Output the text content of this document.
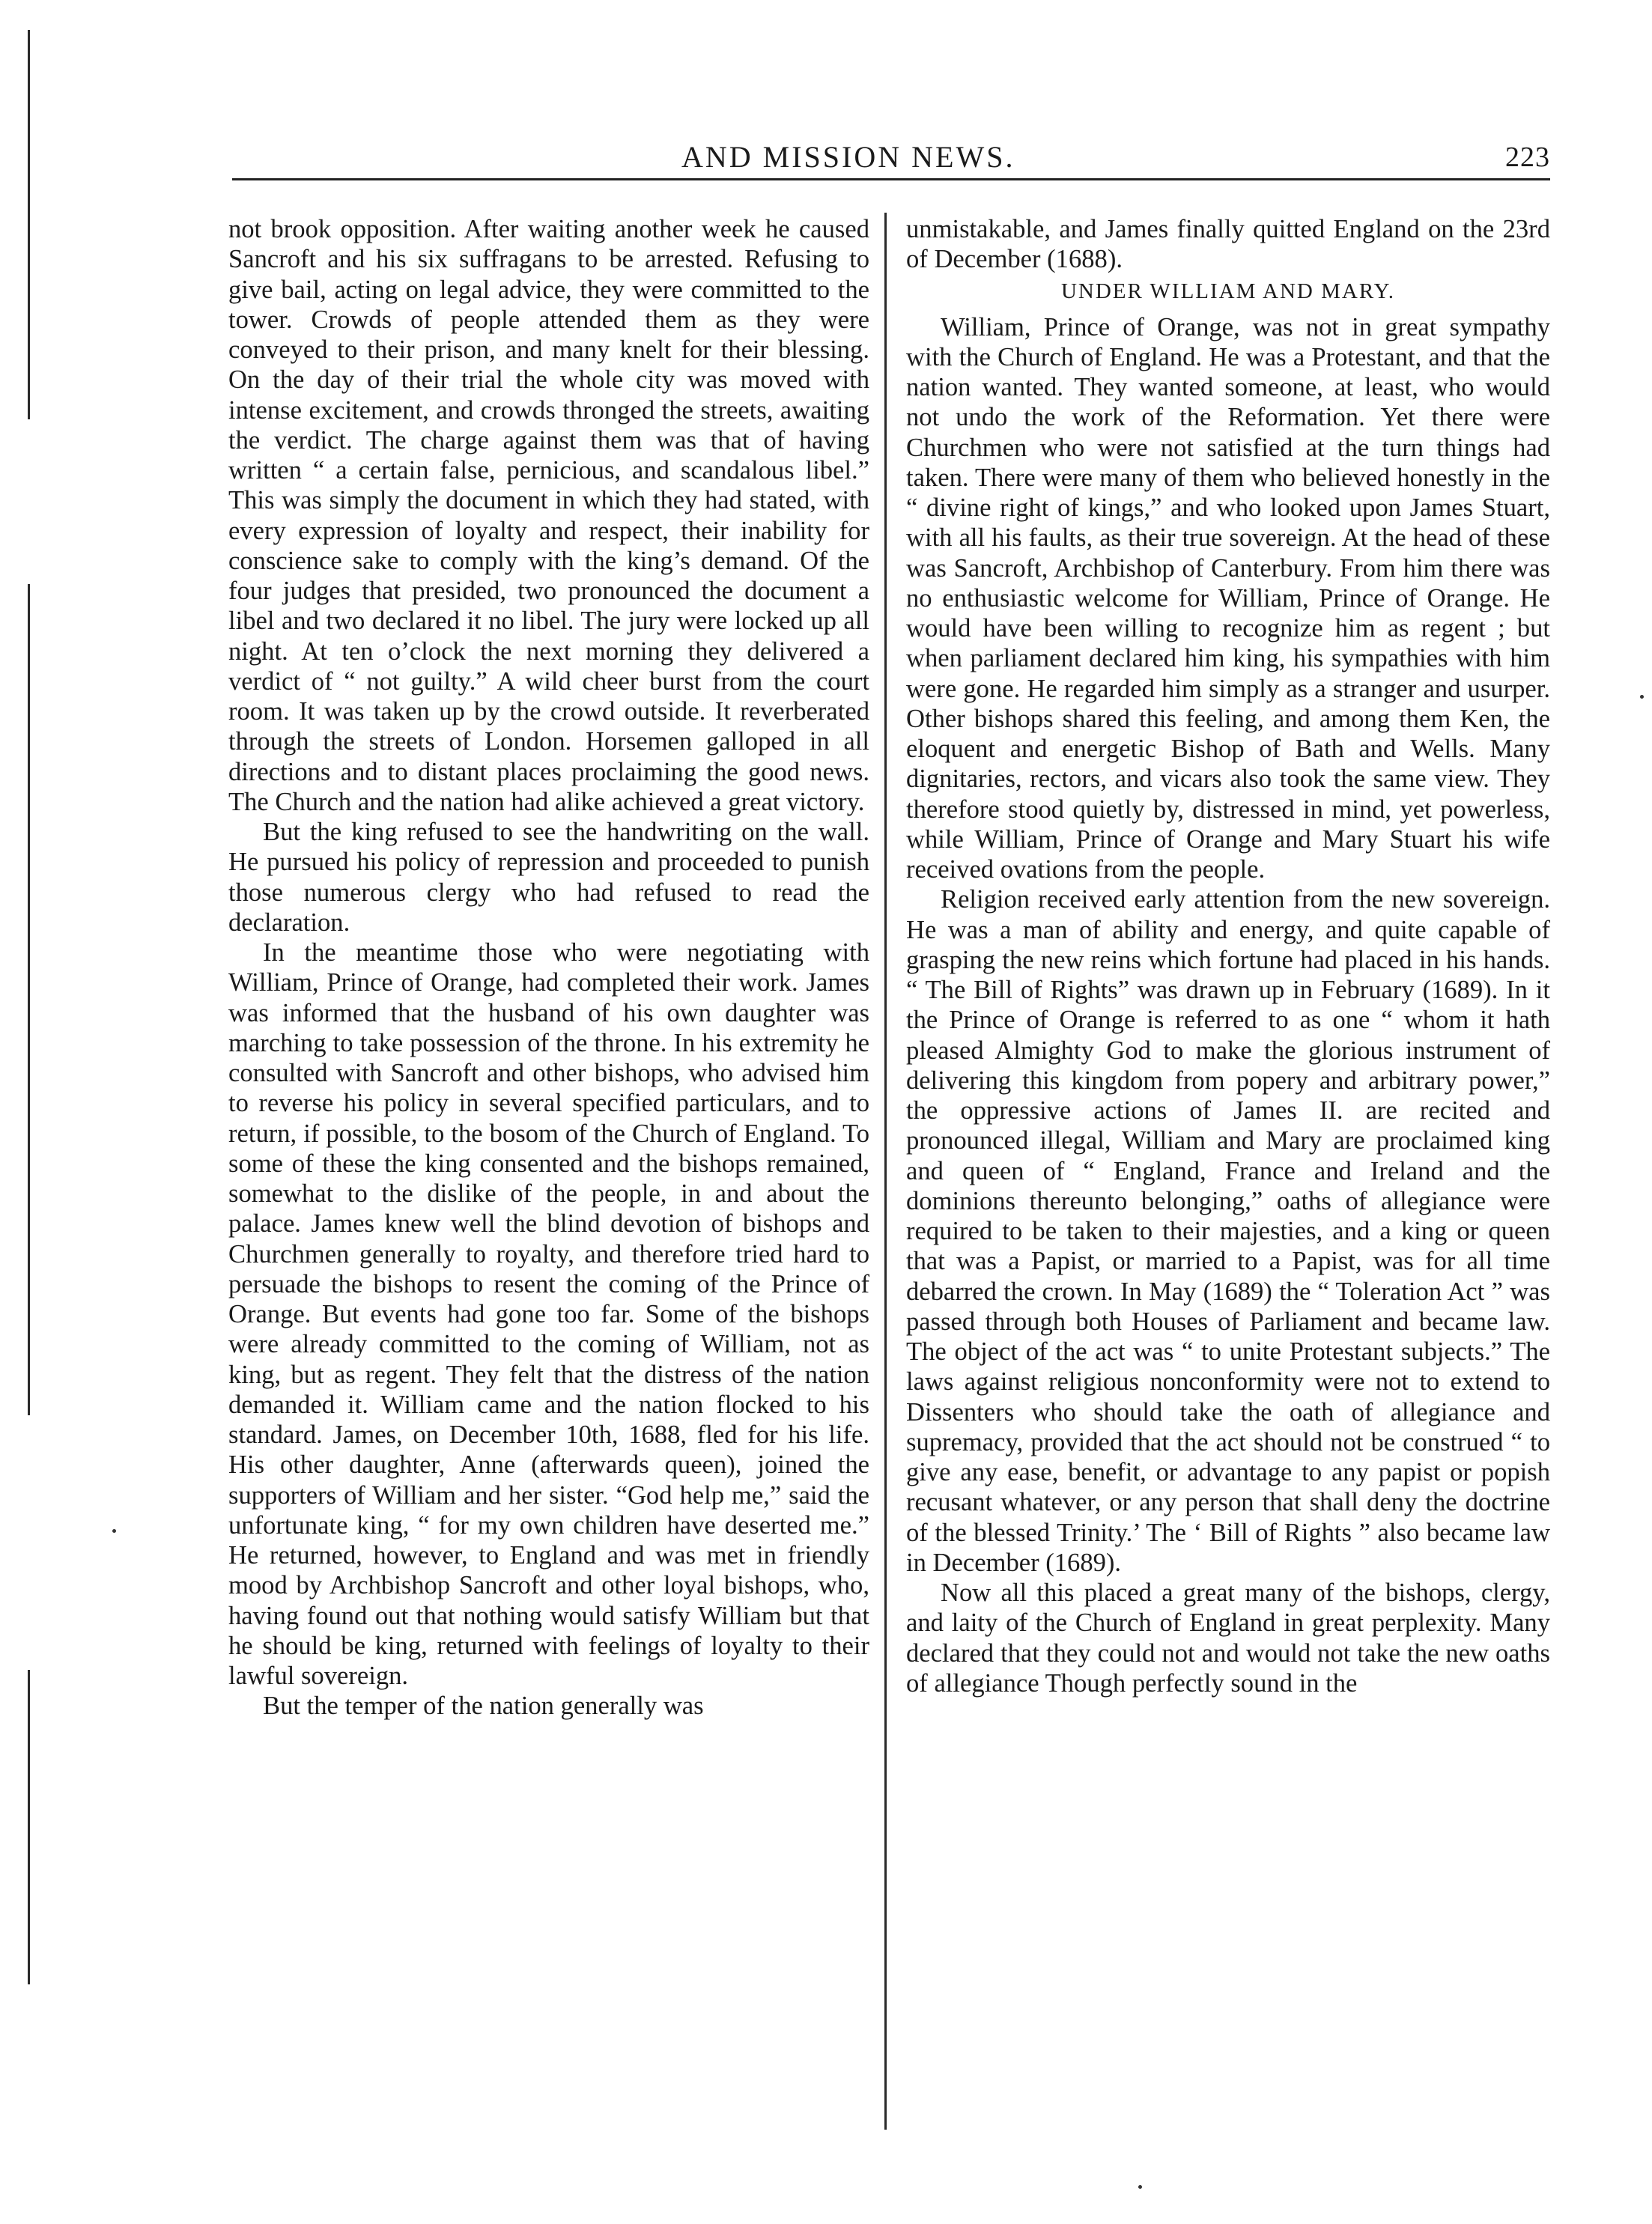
AND MISSION NEWS.	223

not brook opposition. After waiting another week he caused Sancroft and his six suffragans to be arrested. Refusing to give bail, acting on legal advice, they were committed to the tower. Crowds of people attended them as they were conveyed to their prison, and many knelt for their blessing. On the day of their trial the whole city was moved with intense excitement, and crowds thronged the streets, awaiting the verdict. The charge against them was that of having written “ a certain false, pernicious, and scandalous libel.” This was simply the document in which they had stated, with every expression of loyalty and respect, their inability for conscience sake to comply with the king’s demand. Of the four judges that presided, two pronounced the document a libel and two declared it no libel. The jury were locked up all night. At ten o’clock the next morning they delivered a verdict of “ not guilty.” A wild cheer burst from the court room. It was taken up by the crowd outside. It reverberated through the streets of London. Horsemen galloped in all directions and to distant places proclaiming the good news. The Church and the nation had alike achieved a great victory.

But the king refused to see the handwriting on the wall. He pursued his policy of repression and proceeded to punish those numerous clergy who had refused to read the declaration.

In the meantime those who were negotiating with William, Prince of Orange, had completed their work. James was informed that the husband of his own daughter was marching to take possession of the throne. In his extremity he consulted with Sancroft and other bishops, who advised him to reverse his policy in several specified particulars, and to return, if possible, to the bosom of the Church of England. To some of these the king consented and the bishops remained, somewhat to the dislike of the people, in and about the palace. James knew well the blind devotion of bishops and Churchmen generally to royalty, and therefore tried hard to persuade the bishops to resent the coming of the Prince of Orange. But events had gone too far. Some of the bishops were already committed to the coming of William, not as king, but as regent. They felt that the distress of the nation demanded it. William came and the nation flocked to his standard. James, on December 10th, 1688, fled for his life. His other daughter, Anne (afterwards queen), joined the supporters of William and her sister. “God help me,” said the unfortunate king, “ for my own children have deserted me.” He returned, however, to England and was met in friendly mood by Archbishop Sancroft and other loyal bishops, who, having found out that nothing would satisfy William but that he should be king, returned with feelings of loyalty to their lawful sovereign.

But the temper of the nation generally was

unmistakable, and James finally quitted England on the 23rd of December (1688).

UNDER WILLIAM AND MARY.

William, Prince of Orange, was not in great sympathy with the Church of England. He was a Protestant, and that the nation wanted. They wanted someone, at least, who would not undo the work of the Reformation. Yet there were Churchmen who were not satisfied at the turn things had taken. There were many of them who believed honestly in the “ divine right of kings,” and who looked upon James Stuart, with all his faults, as their true sovereign. At the head of these was Sancroft, Archbishop of Canterbury. From him there was no enthusiastic welcome for William, Prince of Orange. He would have been willing to recognize him as regent ; but when parliament declared him king, his sympathies with him were gone. He regarded him simply as a stranger and usurper. Other bishops shared this feeling, and among them Ken, the eloquent and energetic Bishop of Bath and Wells. Many dignitaries, rectors, and vicars also took the same view. They therefore stood quietly by, distressed in mind, yet powerless, while William, Prince of Orange and Mary Stuart his wife received ovations from the people.

Religion received early attention from the new sovereign. He was a man of ability and energy, and quite capable of grasping the new reins which fortune had placed in his hands. “ The Bill of Rights” was drawn up in February (1689). In it the Prince of Orange is referred to as one “ whom it hath pleased Almighty God to make the glorious instrument of delivering this kingdom from popery and arbitrary power,” the oppressive actions of James II. are recited and pronounced illegal, William and Mary are proclaimed king and queen of “ England, France and Ireland and the dominions thereunto belonging,” oaths of allegiance were required to be taken to their majesties, and a king or queen that was a Papist, or married to a Papist, was for all time debarred the crown. In May (1689) the “ Toleration Act ” was passed through both Houses of Parliament and became law. The object of the act was “ to unite Protestant subjects.” The laws against religious nonconformity were not to extend to Dissenters who should take the oath of allegiance and supremacy, provided that the act should not be construed “ to give any ease, benefit, or advantage to any papist or popish recusant whatever, or any person that shall deny the doctrine of the blessed Trinity.’ The ‘ Bill of Rights ” also became law in December (1689).

Now all this placed a great many of the bishops, clergy, and laity of the Church of England in great perplexity. Many declared that they could not and would not take the new oaths of allegiance Though perfectly sound in the
